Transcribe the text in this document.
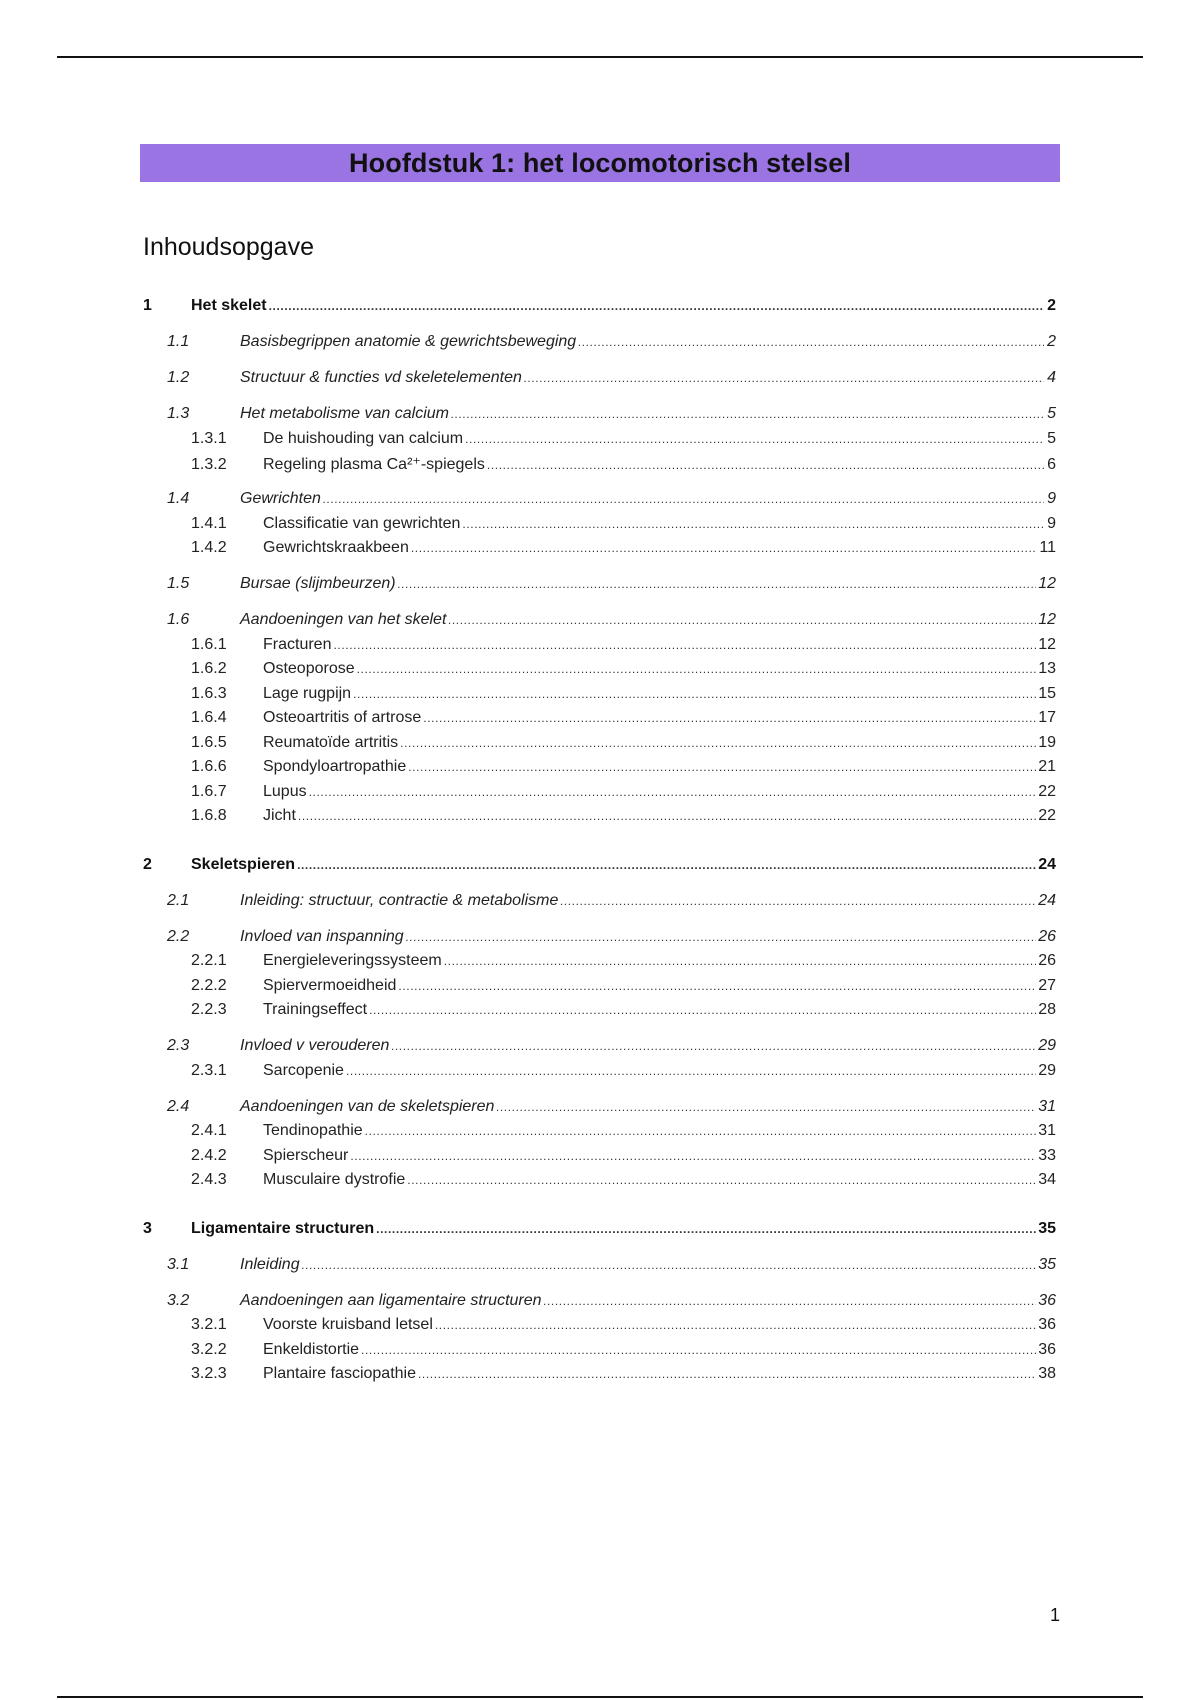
Hoofdstuk 1: het locomotorisch stelsel
Inhoudsopgave
1	Het skelet .....	2
1.1	Basisbegrippen anatomie & gewrichtsbeweging .....	2
1.2	Structuur & functies vd skeletelementen .....	4
1.3	Het metabolisme van calcium .....	5
1.3.1	De huishouding van calcium .....	5
1.3.2	Regeling plasma Ca²⁺-spiegels .....	6
1.4	Gewrichten .....	9
1.4.1	Classificatie van gewrichten .....	9
1.4.2	Gewrichtskraakbeen .....	11
1.5	Bursae (slijmbeurzen) .....	12
1.6	Aandoeningen van het skelet .....	12
1.6.1	Fracturen .....	12
1.6.2	Osteoporose .....	13
1.6.3	Lage rugpijn .....	15
1.6.4	Osteoartritis of artrose .....	17
1.6.5	Reumatoïde artritis .....	19
1.6.6	Spondyloartropathie .....	21
1.6.7	Lupus .....	22
1.6.8	Jicht .....	22
2	Skeletspieren .....	24
2.1	Inleiding: structuur, contractie & metabolisme .....	24
2.2	Invloed van inspanning .....	26
2.2.1	Energieleveringssysteem .....	26
2.2.2	Spiervermoeidheid .....	27
2.2.3	Trainingseffect .....	28
2.3	Invloed v verouderen .....	29
2.3.1	Sarcopenie .....	29
2.4	Aandoeningen van de skeletspieren .....	31
2.4.1	Tendinopathie .....	31
2.4.2	Spierscheur .....	33
2.4.3	Musculaire dystrofie .....	34
3	Ligamentaire structuren .....	35
3.1	Inleiding .....	35
3.2	Aandoeningen aan ligamentaire structuren .....	36
3.2.1	Voorste kruisband letsel .....	36
3.2.2	Enkeldistortie .....	36
3.2.3	Plantaire fasciopathie .....	38
1
